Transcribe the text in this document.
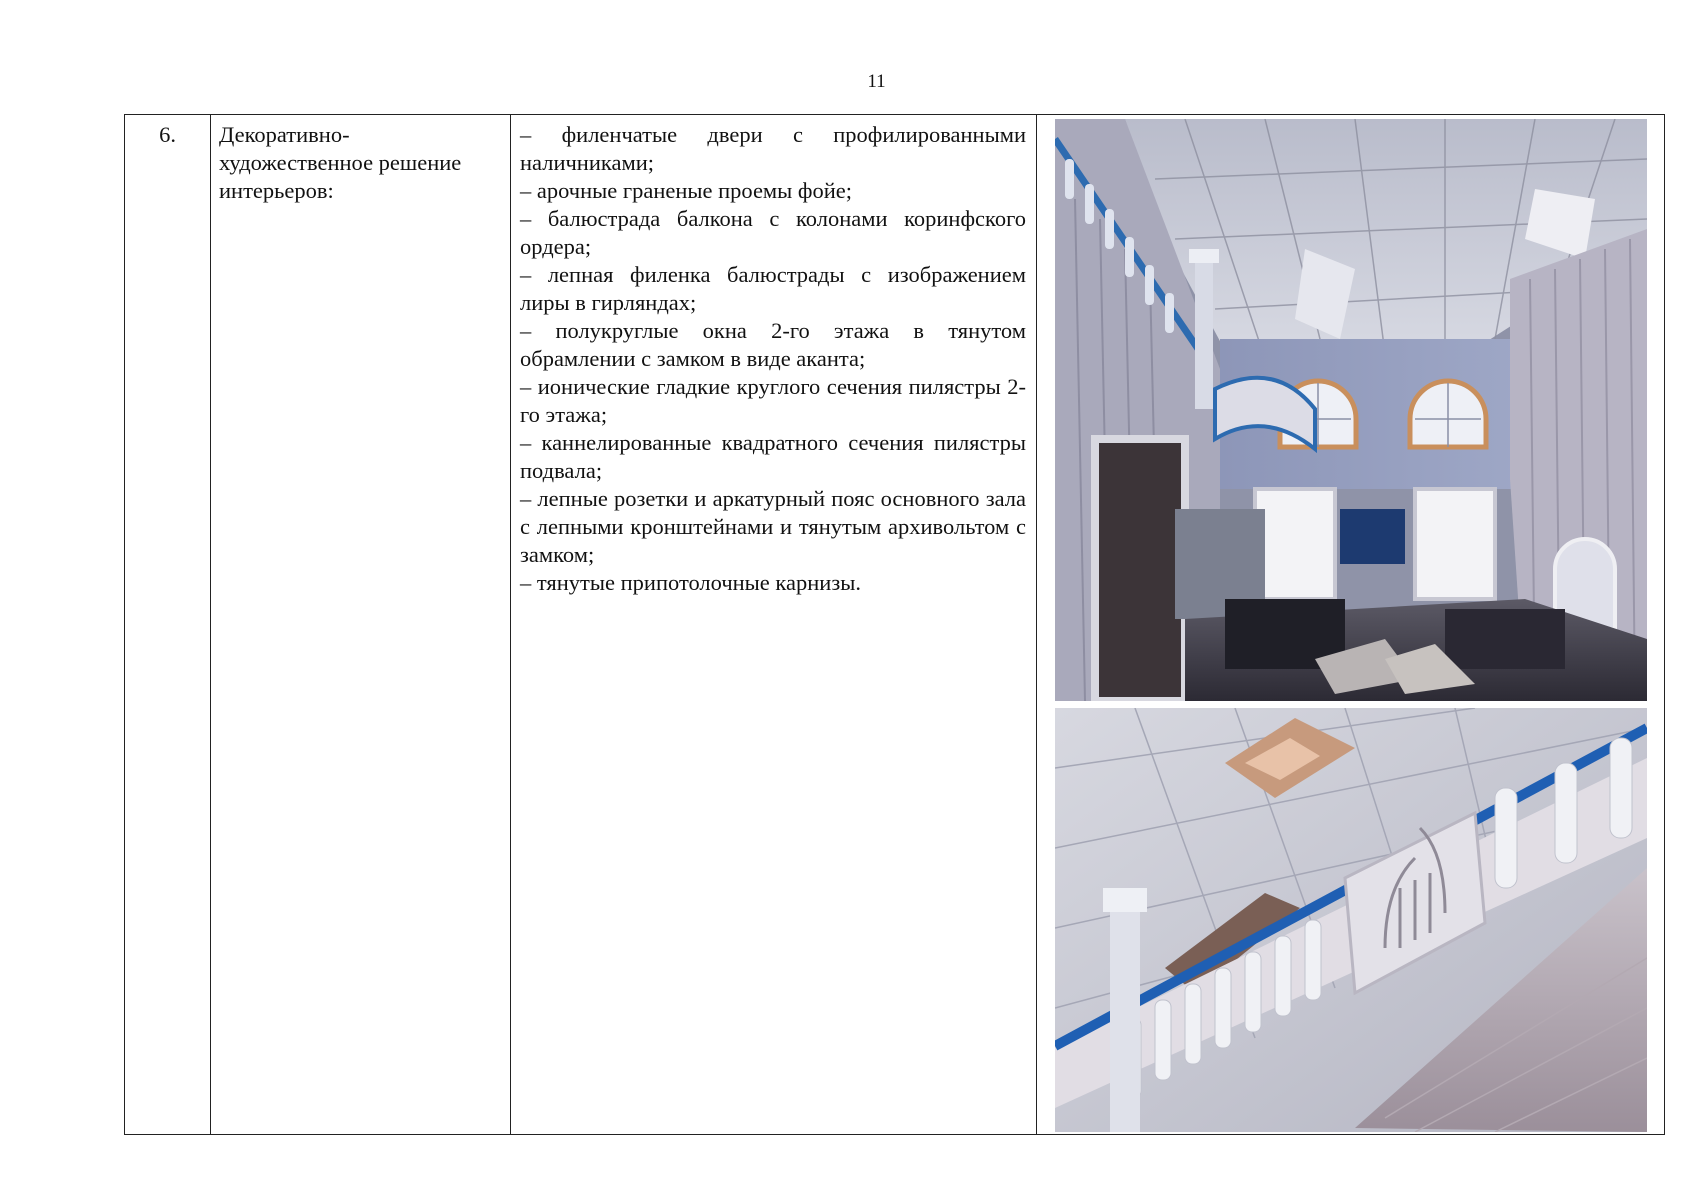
11
6.	Декоративно-художественное решение интерьеров:	

– филенчатые двери с профилированными наличниками;

– арочные граненые проемы фойе;

– балюстрада балкона с колонами коринфского ордера;

– лепная филенка балюстрады с изображением лиры в гирляндах;

– полукруглые окна 2-го этажа в тянутом обрамлении с замком в виде аканта;

– ионические гладкие круглого сечения пилястры 2-го этажа;

– каннелированные квадратного сечения пилястры подвала;

– лепные розетки и аркатурный пояс основного зала с лепными кронштейнами и тянутым архивольтом с замком;

– тянутые припотолочные карнизы.
